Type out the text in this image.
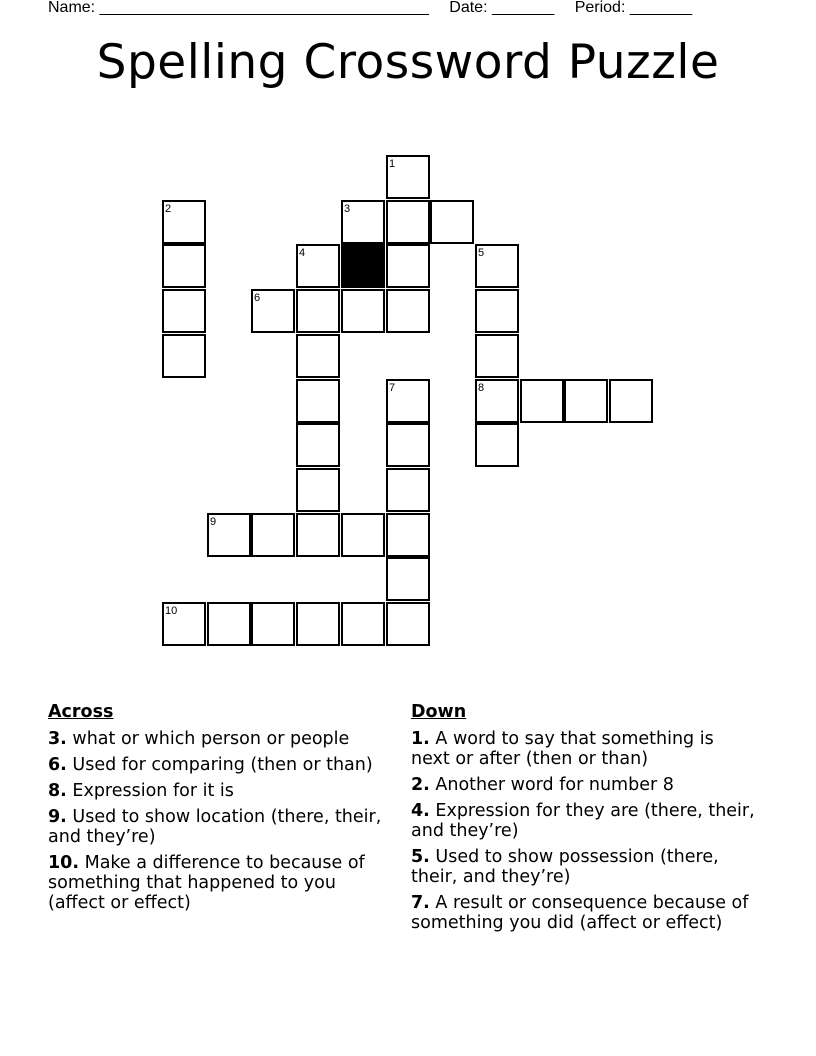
Name: _____________________________________ Date: _______ Period: _______
Spelling Crossword Puzzle
1
2	3
4	5
6
7	8
9
10
Across
3. what or which person or people
6. Used for comparing (then or than)
8. Expression for it is
9. Used to show location (there, their, and they’re)
10. Make a difference to because of something that happened to you (affect or effect)
Down
1. A word to say that something is next or after (then or than)
2. Another word for number 8
4. Expression for they are (there, their, and they’re)
5. Used to show possession (there, their, and they’re)
7. A result or consequence because of something you did (affect or effect)
